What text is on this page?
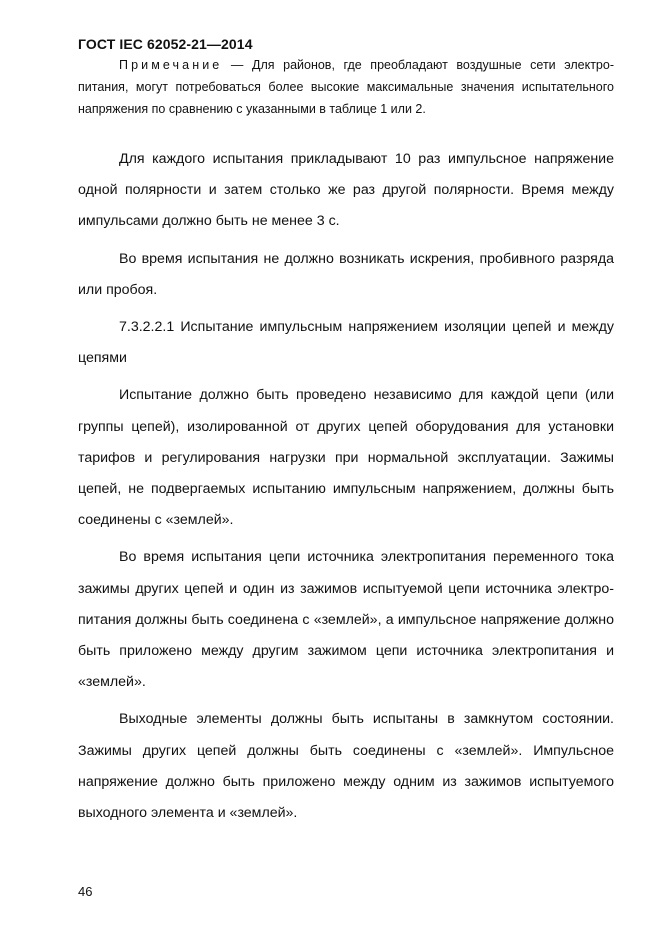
ГОСТ IEC 62052-21—2014

Примечание — Для районов, где преобладают воздушные сети электропитания, могут потребоваться более высокие максимальные значения испытательного напряжения по сравнению с указанными в таблице 1 или 2.

Для каждого испытания прикладывают 10 раз импульсное напряжение одной полярности и затем столько же раз другой полярности. Время между импульсами должно быть не менее 3 с.

Во время испытания не должно возникать искрения, пробивного разряда или пробоя.

7.3.2.2.1 Испытание импульсным напряжением изоляции цепей и между цепями

Испытание должно быть проведено независимо для каждой цепи (или группы цепей), изолированной от других цепей оборудования для установки тарифов и регулирования нагрузки при нормальной эксплуатации. Зажимы цепей, не подвергаемых испытанию импульсным напряжением, должны быть соединены с «землей».

Во время испытания цепи источника электропитания переменного тока зажимы других цепей и один из зажимов испытуемой цепи источника электропитания должны быть соединена с «землей», а импульсное напряжение должно быть приложено между другим зажимом цепи источника электропитания и «землей».

Выходные элементы должны быть испытаны в замкнутом состоянии. Зажимы других цепей должны быть соединены с «землей». Импульсное напряжение должно быть приложено между одним из зажимов испытуемого выходного элемента и «землей».

46
